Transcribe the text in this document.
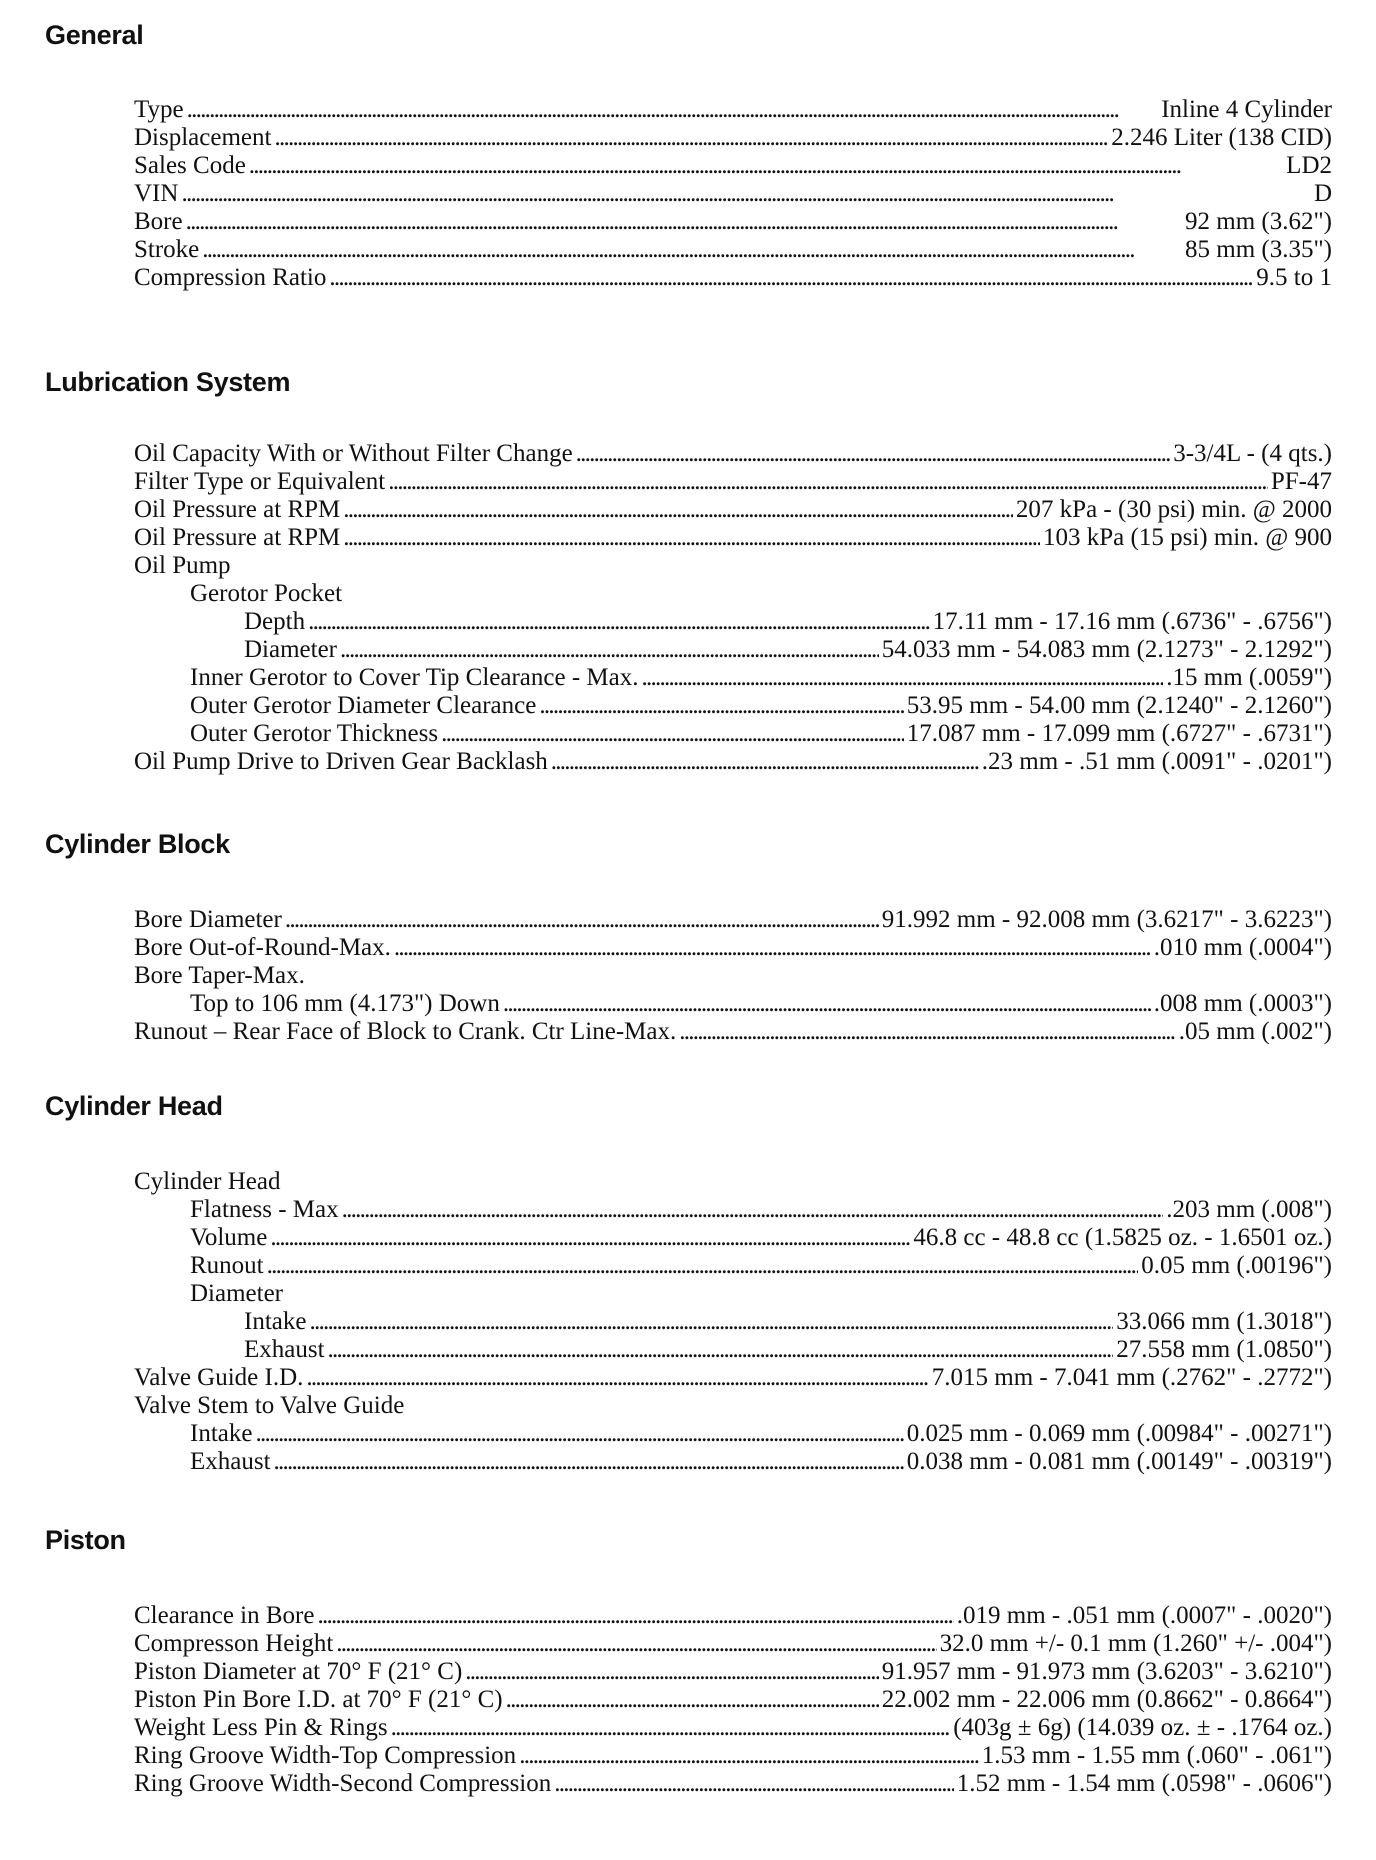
General
Type . . .	Inline 4 Cylinder
Displacement . . .	2.246 Liter (138 CID)
Sales Code . . .	LD2
VIN . . .	D
Bore . . .	92 mm (3.62")
Stroke . . .	85 mm (3.35")
Compression Ratio . . .	9.5 to 1
Lubrication System
Oil Capacity With or Without Filter Change . . .	3-3/4L - (4 qts.)
Filter Type or Equivalent . . .	PF-47
Oil Pressure at RPM . . .	207 kPa - (30 psi) min. @ 2000
Oil Pressure at RPM . . .	103 kPa (15 psi) min. @ 900
Oil Pump
Gerotor Pocket
Depth . . .	17.11 mm - 17.16 mm (.6736" - .6756")
Diameter . . .	54.033 mm - 54.083 mm (2.1273" - 2.1292")
Inner Gerotor to Cover Tip Clearance - Max. . . .	.15 mm (.0059")
Outer Gerotor Diameter Clearance . . .	53.95 mm - 54.00 mm (2.1240" - 2.1260")
Outer Gerotor Thickness . . .	17.087 mm - 17.099 mm (.6727" - .6731")
Oil Pump Drive to Driven Gear Backlash . . .	.23 mm - .51 mm (.0091" - .0201")
Cylinder Block
Bore Diameter . . .	91.992 mm - 92.008 mm (3.6217" - 3.6223")
Bore Out-of-Round-Max. . . .	.010 mm (.0004")
Bore Taper-Max.
Top to 106 mm (4.173") Down . . .	.008 mm (.0003")
Runout – Rear Face of Block to Crank. Ctr Line-Max. . . .	.05 mm (.002")
Cylinder Head
Cylinder Head
Flatness - Max . . .	.203 mm (.008")
Volume . . .	46.8 cc - 48.8 cc (1.5825 oz. - 1.6501 oz.)
Runout . . .	0.05 mm (.00196")
Diameter
Intake . . .	33.066 mm (1.3018")
Exhaust . . .	27.558 mm (1.0850")
Valve Guide I.D. . . .	7.015 mm - 7.041 mm (.2762" - .2772")
Valve Stem to Valve Guide
Intake . . .	0.025 mm - 0.069 mm (.00984" - .00271")
Exhaust . . .	0.038 mm - 0.081 mm (.00149" - .00319")
Piston
Clearance in Bore . . .	.019 mm - .051 mm (.0007" - .0020")
Compresson Height . . .	32.0 mm +/- 0.1 mm (1.260" +/- .004")
Piston Diameter at 70° F (21° C) . . .	91.957 mm - 91.973 mm (3.6203" - 3.6210")
Piston Pin Bore I.D. at 70° F (21° C) . . .	22.002 mm - 22.006 mm (0.8662" - 0.8664")
Weight Less Pin & Rings . . .	(403g ± 6g) (14.039 oz. ± - .1764 oz.)
Ring Groove Width-Top Compression . . .	1.53 mm - 1.55 mm (.060" - .061")
Ring Groove Width-Second Compression . . .	1.52 mm - 1.54 mm (.0598" - .0606")
